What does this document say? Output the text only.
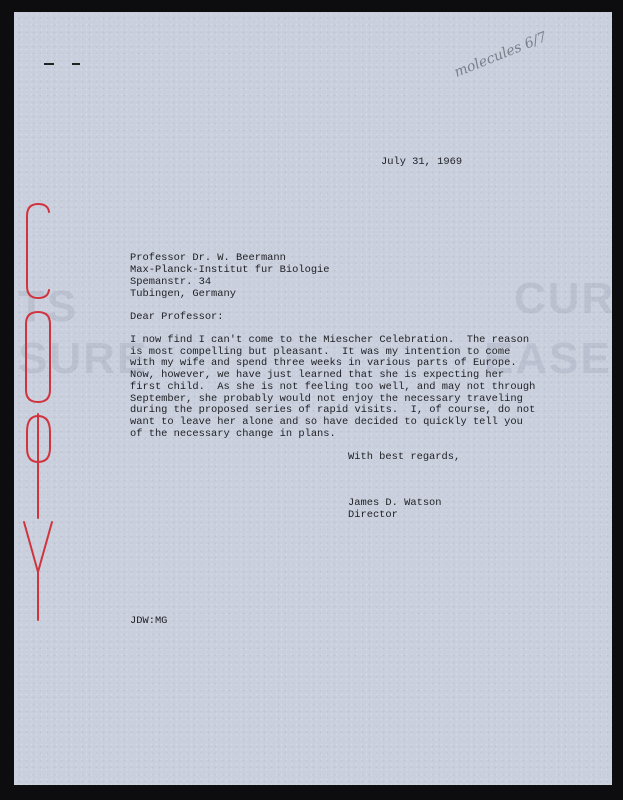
TS
SURE
CUR
EASE
molecules 6/7
July 31, 1969
Professor Dr. W. Beermann
Max-Planck-Institut fur Biologie
Spemanstr. 34
Tubingen, Germany
Dear Professor:
I now find I can't come to the Miescher Celebration.  The reason
is most compelling but pleasant.  It was my intention to come
with my wife and spend three weeks in various parts of Europe.
Now, however, we have just learned that she is expecting her
first child.  As she is not feeling too well, and may not through
September, she probably would not enjoy the necessary traveling
during the proposed series of rapid visits.  I, of course, do not
want to leave her alone and so have decided to quickly tell you
of the necessary change in plans.
With best regards,
James D. Watson
Director
JDW:MG
